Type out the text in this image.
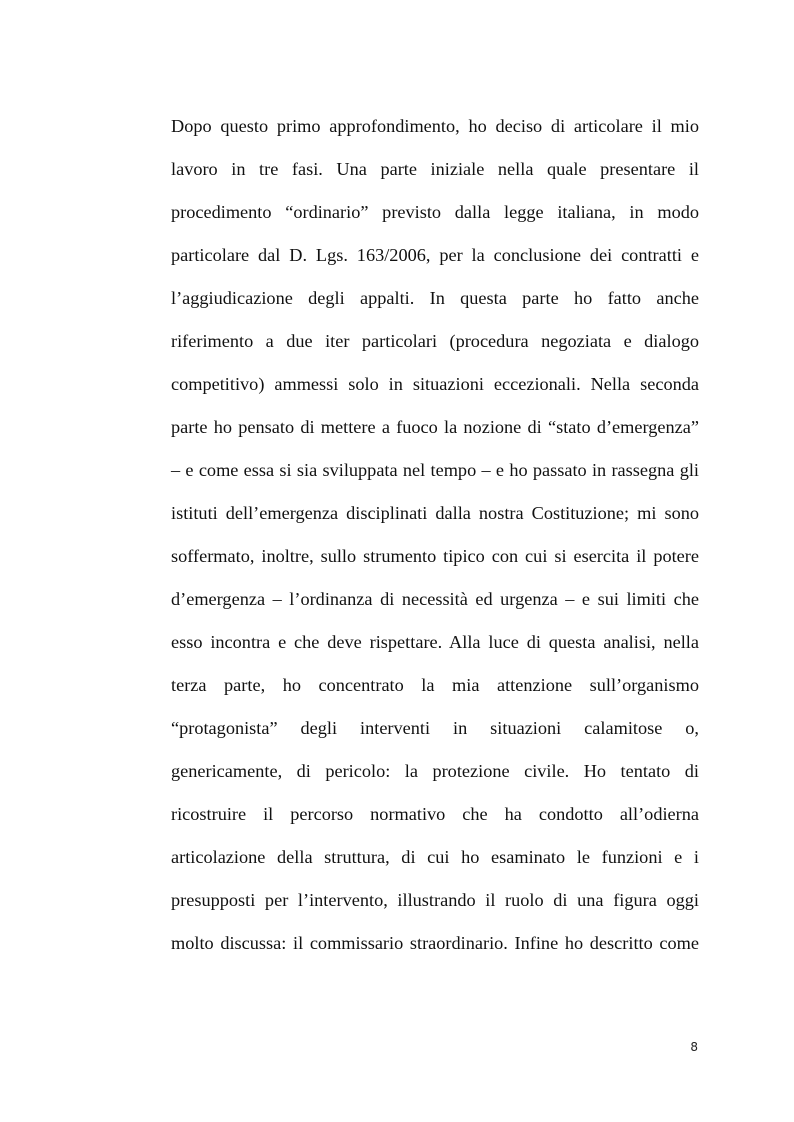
Dopo questo primo approfondimento, ho deciso di articolare il mio
lavoro in tre fasi. Una parte iniziale nella quale presentare il
procedimento “ordinario” previsto dalla legge italiana, in modo
particolare dal D. Lgs. 163/2006, per la conclusione dei contratti e
l’aggiudicazione degli appalti. In questa parte ho fatto anche
riferimento a due iter particolari (procedura negoziata e dialogo
competitivo) ammessi solo in situazioni eccezionali. Nella seconda
parte ho pensato di mettere a fuoco la nozione di “stato d’emergenza”
– e come essa si sia sviluppata nel tempo – e ho passato in rassegna gli
istituti dell’emergenza disciplinati dalla nostra Costituzione; mi sono
soffermato, inoltre, sullo strumento tipico con cui si esercita il potere
d’emergenza – l’ordinanza di necessità ed urgenza – e sui limiti che
esso incontra e che deve rispettare. Alla luce di questa analisi, nella
terza parte, ho concentrato la mia attenzione sull’organismo
“protagonista” degli interventi in situazioni calamitose o,
genericamente, di pericolo: la protezione civile. Ho tentato di
ricostruire il percorso normativo che ha condotto all’odierna
articolazione della struttura, di cui ho esaminato le funzioni e i
presupposti per l’intervento, illustrando il ruolo di una figura oggi
molto discussa: il commissario straordinario. Infine ho descritto come
8
